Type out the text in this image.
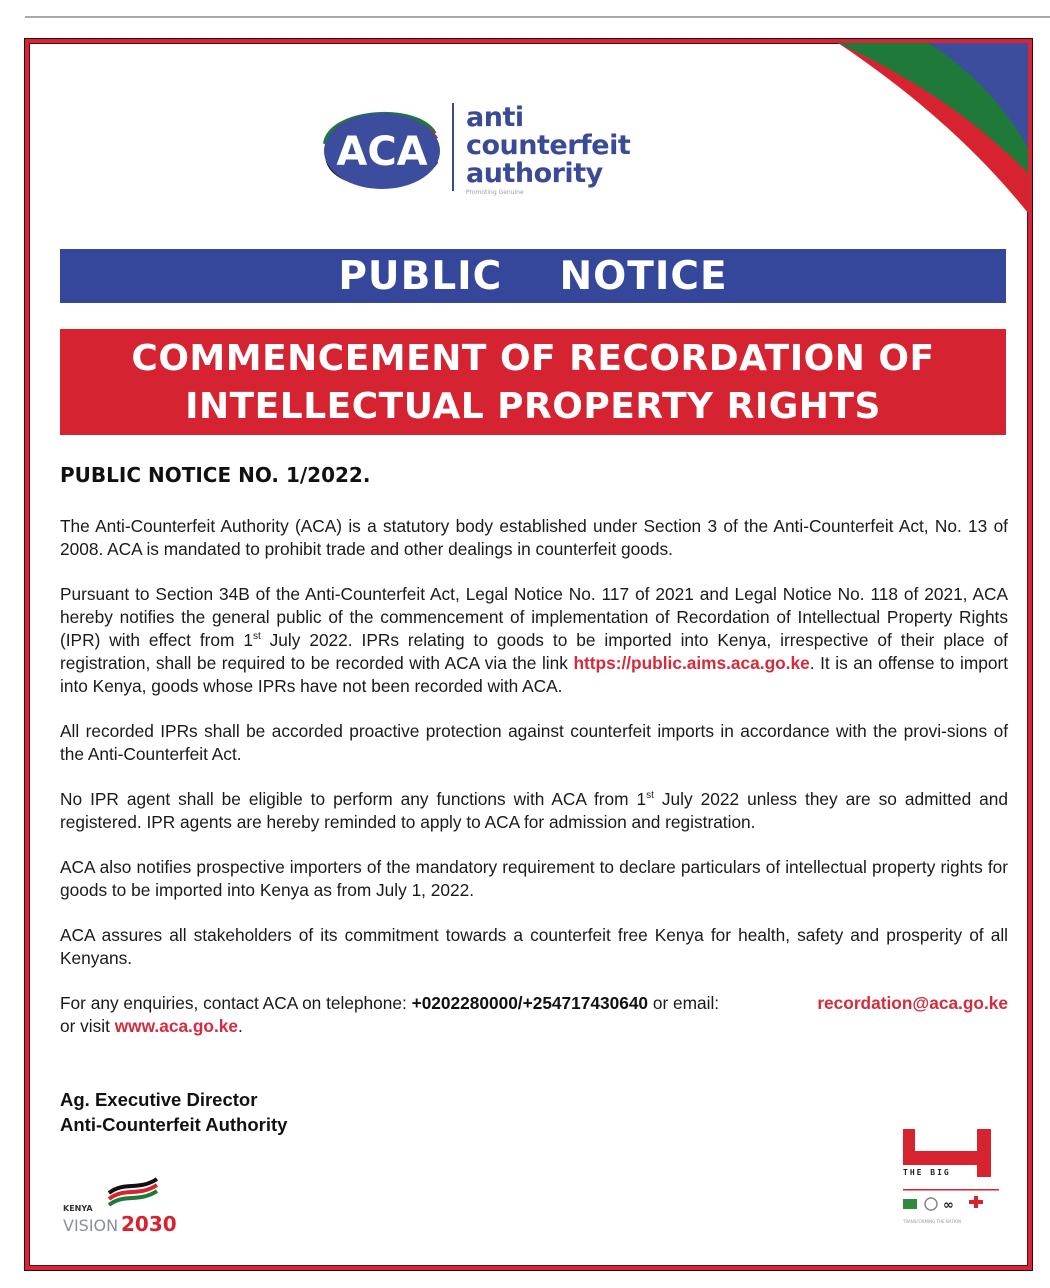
ACA
anti
counterfeit
authority
Promoting Genuine
PUBLIC  NOTICE
COMMENCEMENT OF RECORDATION OF
INTELLECTUAL PROPERTY RIGHTS
PUBLIC NOTICE NO. 1/2022.

The Anti-Counterfeit Authority (ACA) is a statutory body established under Section 3 of the Anti-Counterfeit Act, No. 13 of 2008. ACA is mandated to prohibit trade and other dealings in counterfeit goods.

Pursuant to Section 34B of the Anti-Counterfeit Act, Legal Notice No. 117 of 2021 and Legal Notice No. 118 of 2021, ACA hereby notifies the general public of the commencement of implementation of Recordation of Intellectual Property Rights (IPR) with effect from 1st July 2022. IPRs relating to goods to be imported into Kenya, irrespective of their place of registration, shall be required to be recorded with ACA via the link https://public.aims.aca.go.ke. It is an offense to import into Kenya, goods whose IPRs have not been recorded with ACA.

All recorded IPRs shall be accorded proactive protection against counterfeit imports in accordance with the provi-sions of the Anti-Counterfeit Act.

No IPR agent shall be eligible to perform any functions with ACA from 1st July 2022 unless they are so admitted and registered. IPR agents are hereby reminded to apply to ACA for admission and registration.

ACA also notifies prospective importers of the mandatory requirement to declare particulars of intellectual property rights for goods to be imported into Kenya as from July 1, 2022.

ACA assures all stakeholders of its commitment towards a counterfeit free Kenya for health, safety and prosperity of all Kenyans.

For any enquiries, contact ACA on telephone: +0202280000/+254717430640 or email:	recordation@aca.go.ke

or visit www.aca.go.ke.

Ag. Executive Director
Anti-Counterfeit Authority
KENYA
VISION 2030
THE BIG
∞
TRANSFORMING THE NATION
